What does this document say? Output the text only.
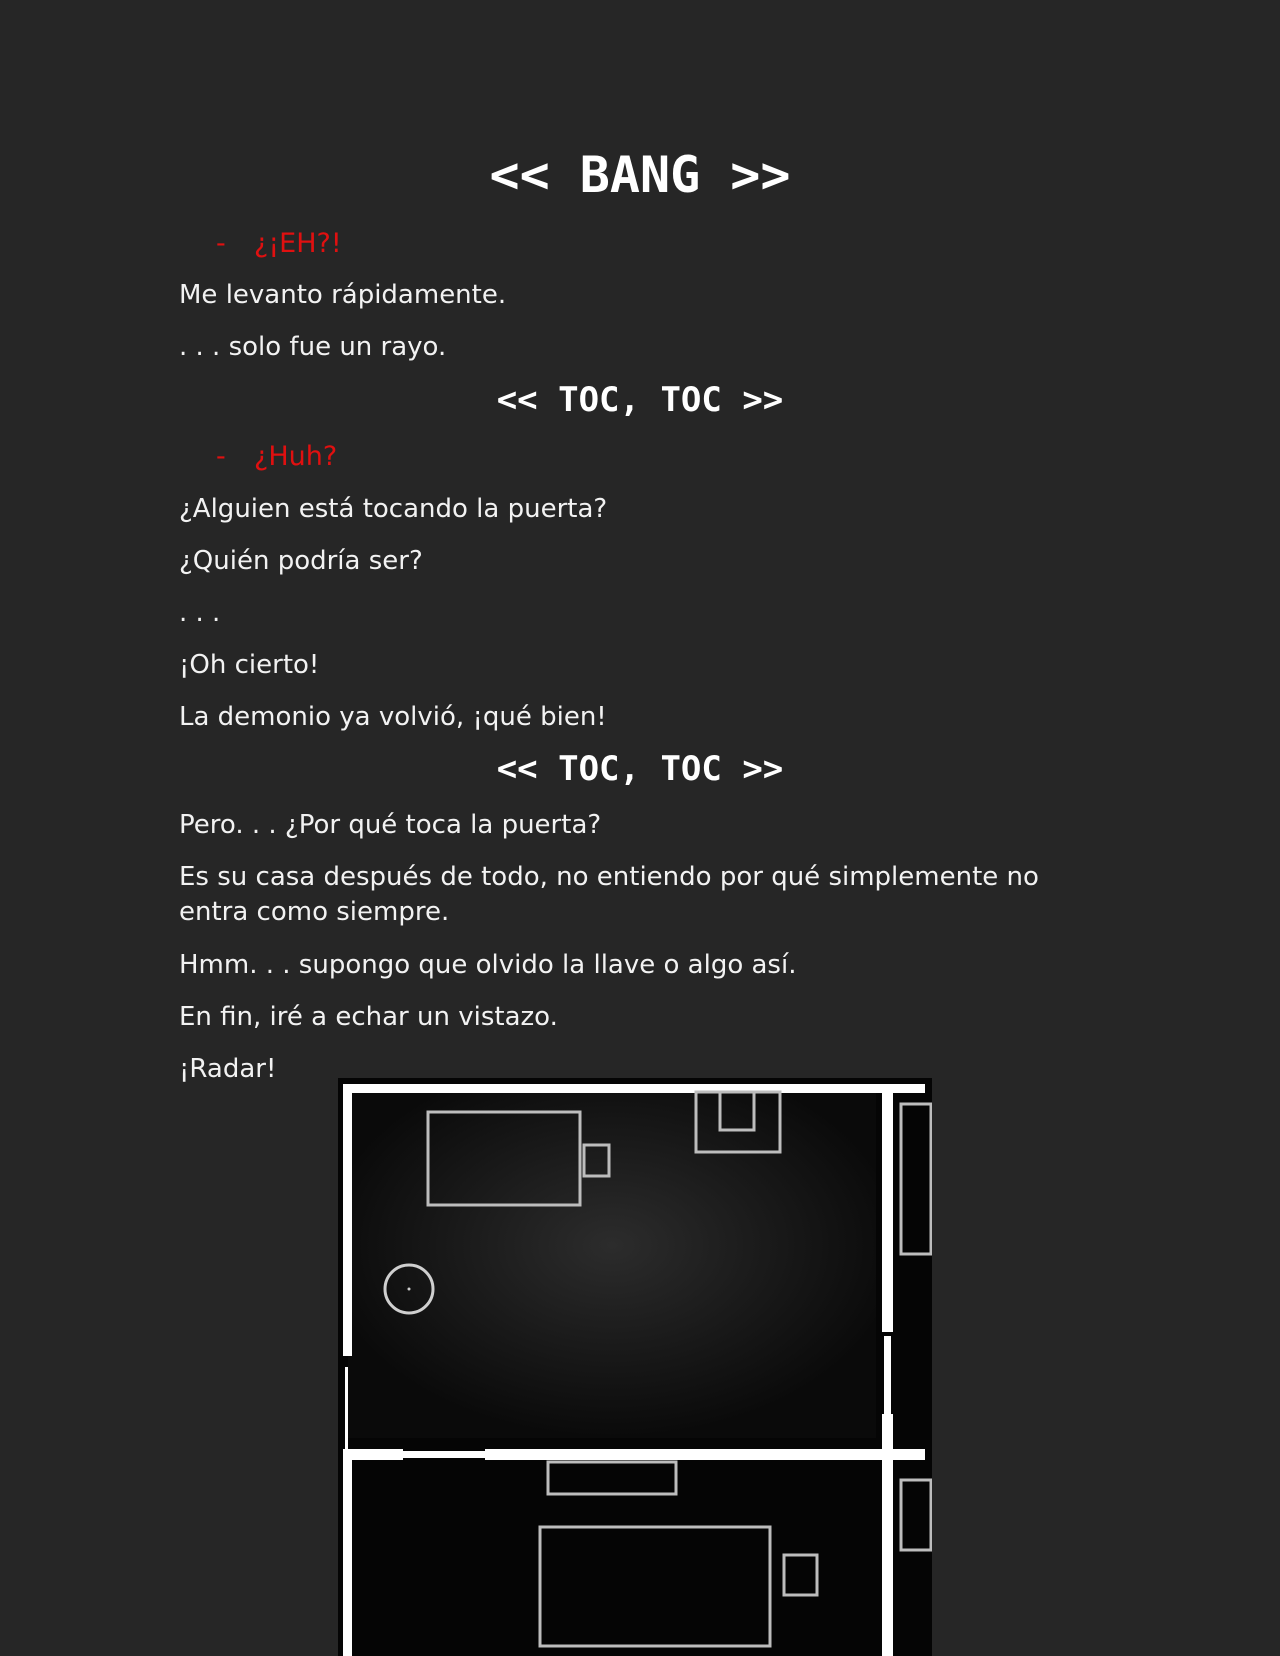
<< BANG >>
- ¿¡EH?!
Me levanto rápidamente.
. . . solo fue un rayo.
<< TOC, TOC >>
- ¿Huh?
¿Alguien está tocando la puerta?
¿Quién podría ser?
. . .
¡Oh cierto!
La demonio ya volvió, ¡qué bien!
<< TOC, TOC >>
Pero. . . ¿Por qué toca la puerta?
Es su casa después de todo, no entiendo por qué simplemente no entra como siempre.
Hmm. . . supongo que olvido la llave o algo así.
En fin, iré a echar un vistazo.
¡Radar!
